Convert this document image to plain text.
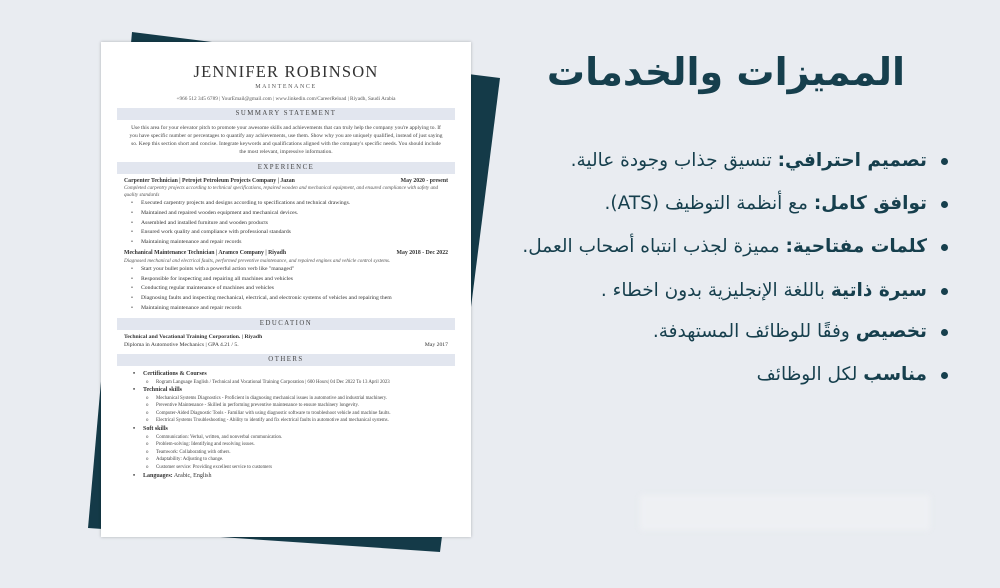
JENNIFER ROBINSON
MAINTENANCE
+966 512 345 6789 | YourEmail@gmail.com | www.linkedin.com/CareerReload | Riyadh, Saudi Arabia
SUMMARY STATEMENT
Use this area for your elevator pitch to promote your awesome skills and achievements that can truly help the company you're applying to. If you have specific number or percentages to quantify any achievements, use them. Show why you are uniquely qualified, instead of just saying so. Keep this section short and concise. Integrate keywords and qualifications aligned with the company's specific needs. You should include the most relevant, impressive information.
EXPERIENCE
Carpenter Technician | Petrojet Petroleum Projects Company | Jazan	May 2020 - present
Completed carpentry projects according to technical specifications, repaired wooden and mechanical equipment, and ensured compliance with safety and quality standards
• Executed carpentry projects and designs according to specifications and technical drawings.
• Maintained and repaired wooden equipment and mechanical devices.
• Assembled and installed furniture and wooden products
• Ensured work quality and compliance with professional standards
• Maintaining maintenance and repair records
Mechanical Maintenance Technician | Aramco Company | Riyadh	May 2018 - Dec 2022
Diagnosed mechanical and electrical faults, performed preventive maintenance, and repaired engines and vehicle control systems.
• Start your bullet points with a powerful action verb like "managed"
• Responsible for inspecting and repairing all machines and vehicles
• Conducting regular maintenance of machines and vehicles
• Diagnosing faults and inspecting mechanical, electrical, and electronic systems of vehicles and repairing them
• Maintaining maintenance and repair records
EDUCATION
Technical and Vocational Training Corporation. | Riyadh
Diploma in Automotive Mechanics | GPA 4.21 / 5.	May 2017
OTHERS
• Certifications & Courses
o Rogram Language English / Technical and Vocational Training Corporation | 600 Hours| 04 Dec 2022 To 13 April 2023
• Technical skills
o Mechanical Systems Diagnostics - Proficient in diagnosing mechanical issues in automotive and industrial machinery.
o Preventive Maintenance - Skilled in performing preventive maintenance to ensure machinery longevity.
o Computer-Aided Diagnostic Tools - Familiar with using diagnostic software to troubleshoot vehicle and machine faults.
o Electrical Systems Troubleshooting - Ability to identify and fix electrical faults in automotive and mechanical systems.
• Soft skills
o Communication: Verbal, written, and nonverbal communication.
o Problem-solving: Identifying and resolving issues.
o Teamwork: Collaborating with others.
o Adaptability: Adjusting to change.
o Customer service: Providing excellent service to customers
• Languages: Arabic, English
المميزات والخدمات
تصميم احترافي: تنسيق جذاب وجودة عالية.
توافق كامل: مع أنظمة التوظيف (ATS).
كلمات مفتاحية: مميزة لجذب انتباه أصحاب العمل.
سيرة ذاتية باللغة الإنجليزية بدون اخطاء .
تخصيص وفقًا للوظائف المستهدفة.
مناسب لكل الوظائف
